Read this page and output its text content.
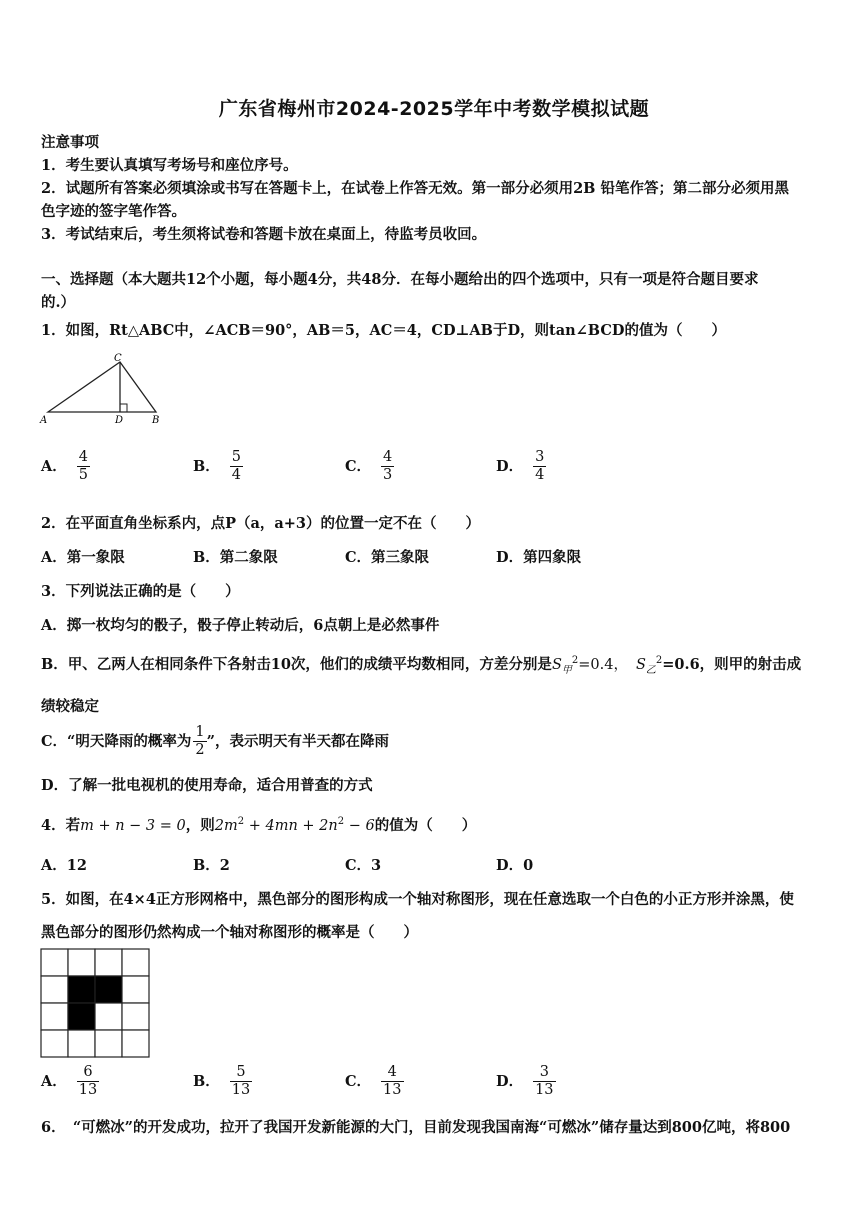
广东省梅州市2024-2025学年中考数学模拟试题
注意事项
1．考生要认真填写考场号和座位序号。
2．试题所有答案必须填涂或书写在答题卡上，在试卷上作答无效。第一部分必须用2B 铅笔作答；第二部分必须用黑
色字迹的签字笔作答。
3．考试结束后，考生须将试卷和答题卡放在桌面上，待监考员收回。
一、选择题（本大题共12个小题，每小题4分，共48分．在每小题给出的四个选项中，只有一项是符合题目要求
的.）
1．如图，Rt△ABC中，∠ACB＝90°，AB＝5，AC＝4，CD⊥AB于D，则tan∠BCD的值为（　　）
C
A	D	B
A． $\frac{4}{5}$	B． $\frac{5}{4}$	C． $\frac{4}{3}$	D． $\frac{3}{4}$
2．在平面直角坐标系内，点P（a，a+3）的位置一定不在（　　）
A．第一象限	B．第二象限	C．第三象限	D．第四象限
3．下列说法正确的是（　　）
A．掷一枚均匀的骰子，骰子停止转动后，6点朝上是必然事件
B．甲、乙两人在相同条件下各射击10次，他们的成绩平均数相同，方差分别是$S_甲^2=0.4$， $S_乙^2=0.6$，则甲的射击成
绩较稳定
C．“明天降雨的概率为 $\frac{1}{2}$ ”，表示明天有半天都在降雨
D．了解一批电视机的使用寿命，适合用普查的方式
4．若m + n − 3 = 0，则$2m^2 + 4mn + 2n^2 - 6$的值为（　　）
A．12	B．2	C．3	D．0
5．如图，在4×4正方形网格中，黑色部分的图形构成一个轴对称图形，现在任意选取一个白色的小正方形并涂黑，使
黑色部分的图形仍然构成一个轴对称图形的概率是（　　）
A． $\frac{6}{13}$	B． $\frac{5}{13}$	C． $\frac{4}{13}$	D． $\frac{3}{13}$
6．　“可燃冰”的开发成功，拉开了我国开发新能源的大门，目前发现我国南海“可燃冰”储存量达到800亿吨，将800
